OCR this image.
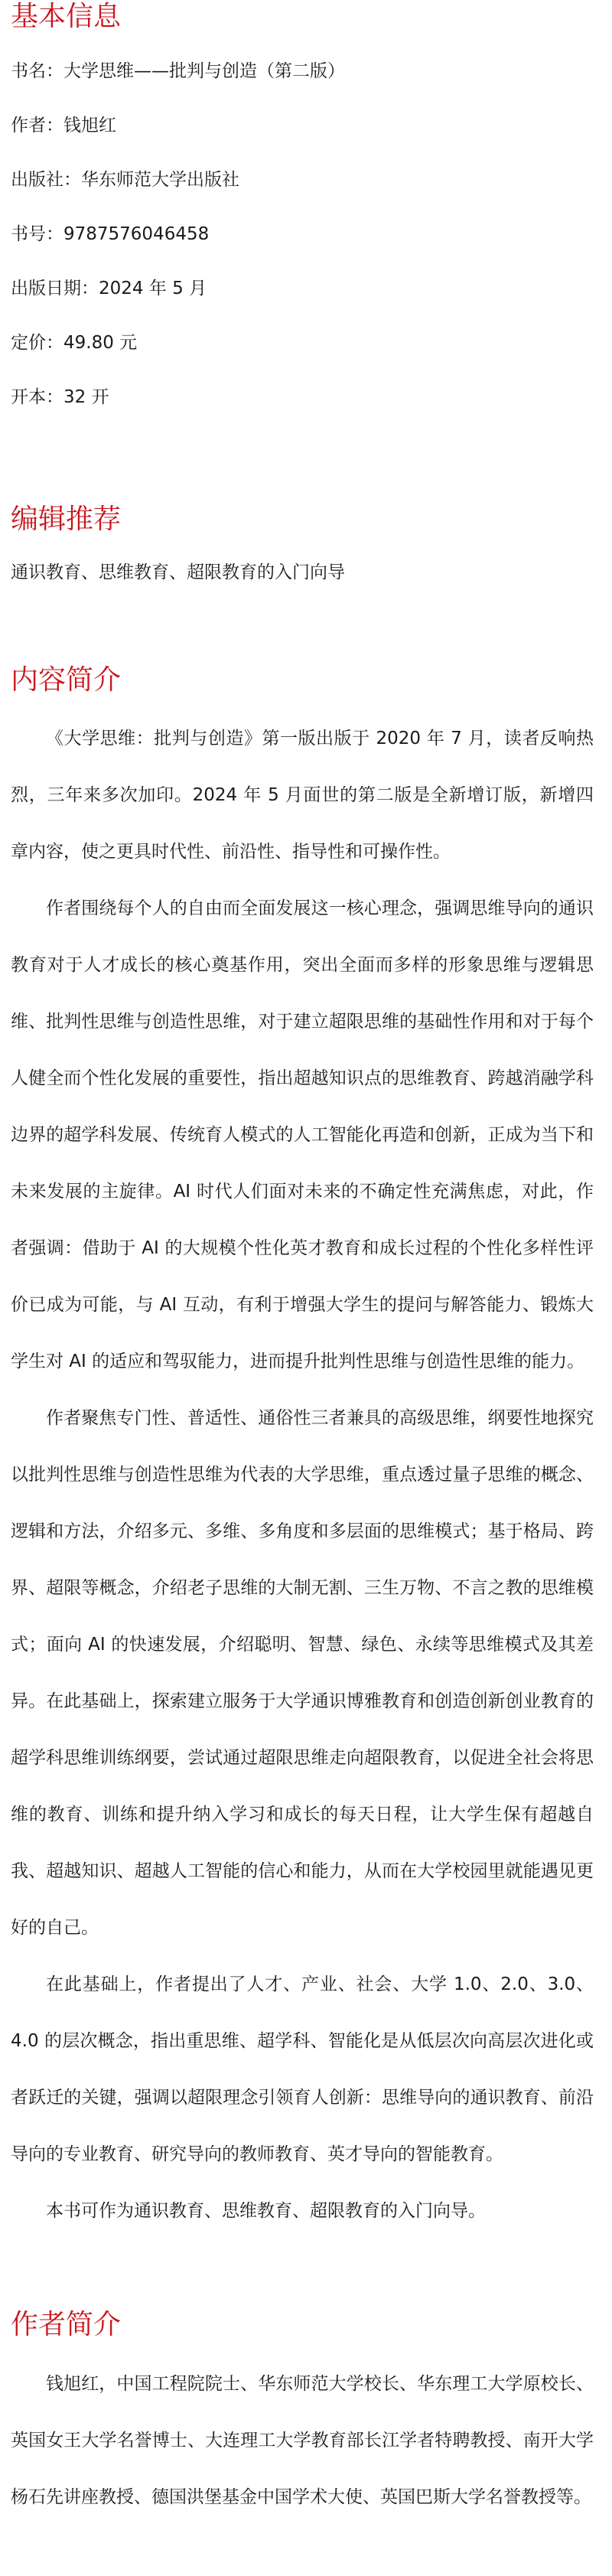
基本信息

书名：大学思维——批判与创造（第二版）

作者：钱旭红

出版社：华东师范大学出版社

书号：9787576046458

出版日期：2024 年 5 月

定价：49.80 元

开本：32 开

编辑推荐

通识教育、思维教育、超限教育的入门向导

内容简介

《大学思维：批判与创造》第一版出版于 2020 年 7 月，读者反响热烈，三年来多次加印。2024 年 5 月面世的第二版是全新增订版，新增四章内容，使之更具时代性、前沿性、指导性和可操作性。

作者围绕每个人的自由而全面发展这一核心理念，强调思维导向的通识教育对于人才成长的核心奠基作用，突出全面而多样的形象思维与逻辑思维、批判性思维与创造性思维，对于建立超限思维的基础性作用和对于每个人健全而个性化发展的重要性，指出超越知识点的思维教育、跨越消融学科边界的超学科发展、传统育人模式的人工智能化再造和创新，正成为当下和未来发展的主旋律。AI 时代人们面对未来的不确定性充满焦虑，对此，作者强调：借助于 AI 的大规模个性化英才教育和成长过程的个性化多样性评价已成为可能，与 AI 互动，有利于增强大学生的提问与解答能力、锻炼大学生对 AI 的适应和驾驭能力，进而提升批判性思维与创造性思维的能力。

作者聚焦专门性、普适性、通俗性三者兼具的高级思维，纲要性地探究以批判性思维与创造性思维为代表的大学思维，重点透过量子思维的概念、逻辑和方法，介绍多元、多维、多角度和多层面的思维模式；基于格局、跨界、超限等概念，介绍老子思维的大制无割、三生万物、不言之教的思维模式；面向 AI 的快速发展，介绍聪明、智慧、绿色、永续等思维模式及其差异。在此基础上，探索建立服务于大学通识博雅教育和创造创新创业教育的超学科思维训练纲要，尝试通过超限思维走向超限教育，以促进全社会将思维的教育、训练和提升纳入学习和成长的每天日程，让大学生保有超越自我、超越知识、超越人工智能的信心和能力，从而在大学校园里就能遇见更好的自己。

在此基础上，作者提出了人才、产业、社会、大学 1.0、2.0、3.0、4.0 的层次概念，指出重思维、超学科、智能化是从低层次向高层次进化或者跃迁的关键，强调以超限理念引领育人创新：思维导向的通识教育、前沿导向的专业教育、研究导向的教师教育、英才导向的智能教育。

本书可作为通识教育、思维教育、超限教育的入门向导。

作者简介

钱旭红，中国工程院院士、华东师范大学校长、华东理工大学原校长、英国女王大学名誉博士、大连理工大学教育部长江学者特聘教授、南开大学杨石先讲座教授、德国洪堡基金中国学术大使、英国巴斯大学名誉教授等。
